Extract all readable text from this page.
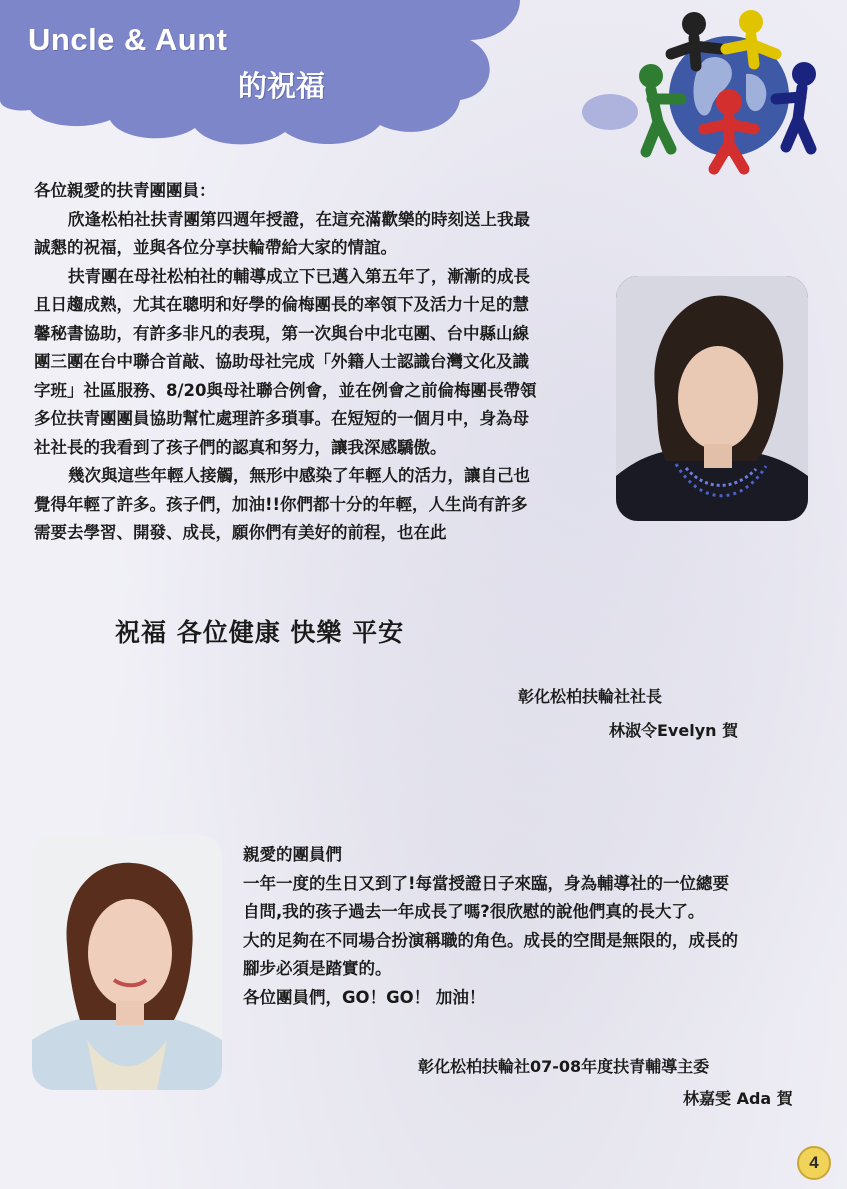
Uncle & Aunt
的祝福

各位親愛的扶青團團員：

欣逢松柏社扶青團第四週年授證，在這充滿歡樂的時刻送上我最

誠懇的祝福，並與各位分享扶輪帶給大家的情誼。

扶青團在母社松柏社的輔導成立下已邁入第五年了，漸漸的成長

且日趨成熟，尤其在聰明和好學的倫梅團長的率領下及活力十足的慧

馨秘書協助，有許多非凡的表現，第一次與台中北屯團、台中縣山線

團三團在台中聯合首敲、協助母社完成「外籍人士認識台灣文化及識

字班」社區服務、8/20與母社聯合例會，並在例會之前倫梅團長帶領

多位扶青團團員協助幫忙處理許多瑣事。在短短的一個月中，身為母

社社長的我看到了孩子們的認真和努力，讓我深感驕傲。

幾次與這些年輕人接觸，無形中感染了年輕人的活力，讓自己也

覺得年輕了許多。孩子們，加油!!你們都十分的年輕，人生尚有許多

需要去學習、開發、成長，願你們有美好的前程，也在此

祝福 各位健康 快樂 平安
彰化松柏扶輪社社長
林淑令Evelyn 賀

親愛的團員們

一年一度的生日又到了!每當授證日子來臨，身為輔導社的一位總要

自問,我的孩子過去一年成長了嗎?很欣慰的說他們真的長大了。

大的足夠在不同場合扮演稱職的角色。成長的空間是無限的，成長的

腳步必須是踏實的。

各位團員們，GO！GO！ 加油！

彰化松柏扶輪社07-08年度扶青輔導主委
林嘉雯 Ada 賀
4
